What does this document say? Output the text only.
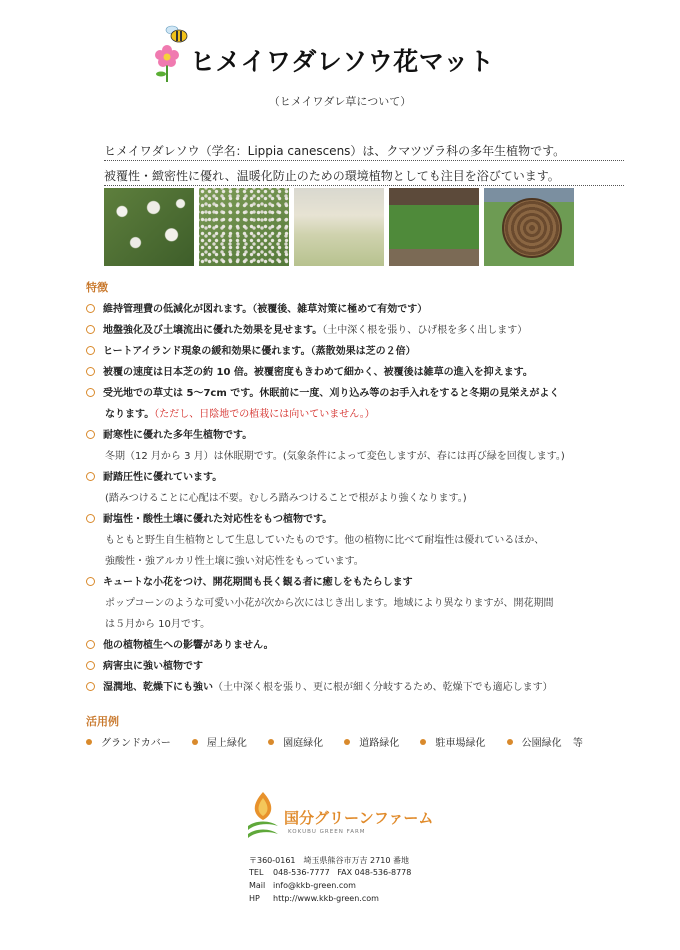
ヒメイワダレソウ花マット
（ヒメイワダレ草について）
ヒメイワダレソウ（学名：Lippia canescens）は、クマツヅラ科の多年生植物です。
被覆性・緻密性に優れ、温暖化防止のための環境植物としても注目を浴びています。
特徴
維持管理費の低減化が図れます。（被覆後、雑草対策に極めて有効です）
地盤強化及び土壌流出に優れた効果を見せます。（土中深く根を張り、ひげ根を多く出します）
ヒートアイランド現象の緩和効果に優れます。（蒸散効果は芝の２倍）
被覆の速度は日本芝の約 10 倍。被覆密度もきわめて細かく、被覆後は雑草の進入を抑えます。
受光地での草丈は 5～7cm です。休眠前に一度、刈り込み等のお手入れをすると冬期の見栄えがよく
なります。（ただし、日陰地での植栽には向いていません。）
耐寒性に優れた多年生植物です。
冬期（12 月から 3 月）は休眠期です。(気象条件によって変色しますが、春には再び緑を回復します。)
耐踏圧性に優れています。
(踏みつけることに心配は不要。むしろ踏みつけることで根がより強くなります。)
耐塩性・酸性土壌に優れた対応性をもつ植物です。
もともと野生自生植物として生息していたものです。他の植物に比べて耐塩性は優れているほか、
強酸性・強アルカリ性土壌に強い対応性をもっています。
キュートな小花をつけ、開花期間も長く観る者に癒しをもたらします
ポップコーンのような可愛い小花が次から次にはじき出します。地域により異なりますが、開花期間
は５月から 10月です。
他の植物植生への影響がありません。
病害虫に強い植物です
湿潤地、乾燥下にも強い（土中深く根を張り、更に根が細く分岐するため、乾燥下でも適応します）
活用例
グランドカバー	屋上緑化	園庭緑化	道路緑化	駐車場緑化	公園緑化 等
国分グリーンファーム
KOKUBU GREEN FARM
〒360-0161　埼玉県熊谷市万吉 2710 番地
TEL 048-536-7777 FAX 048-536-8778
Mail info@kkb-green.com
HP http://www.kkb-green.com
